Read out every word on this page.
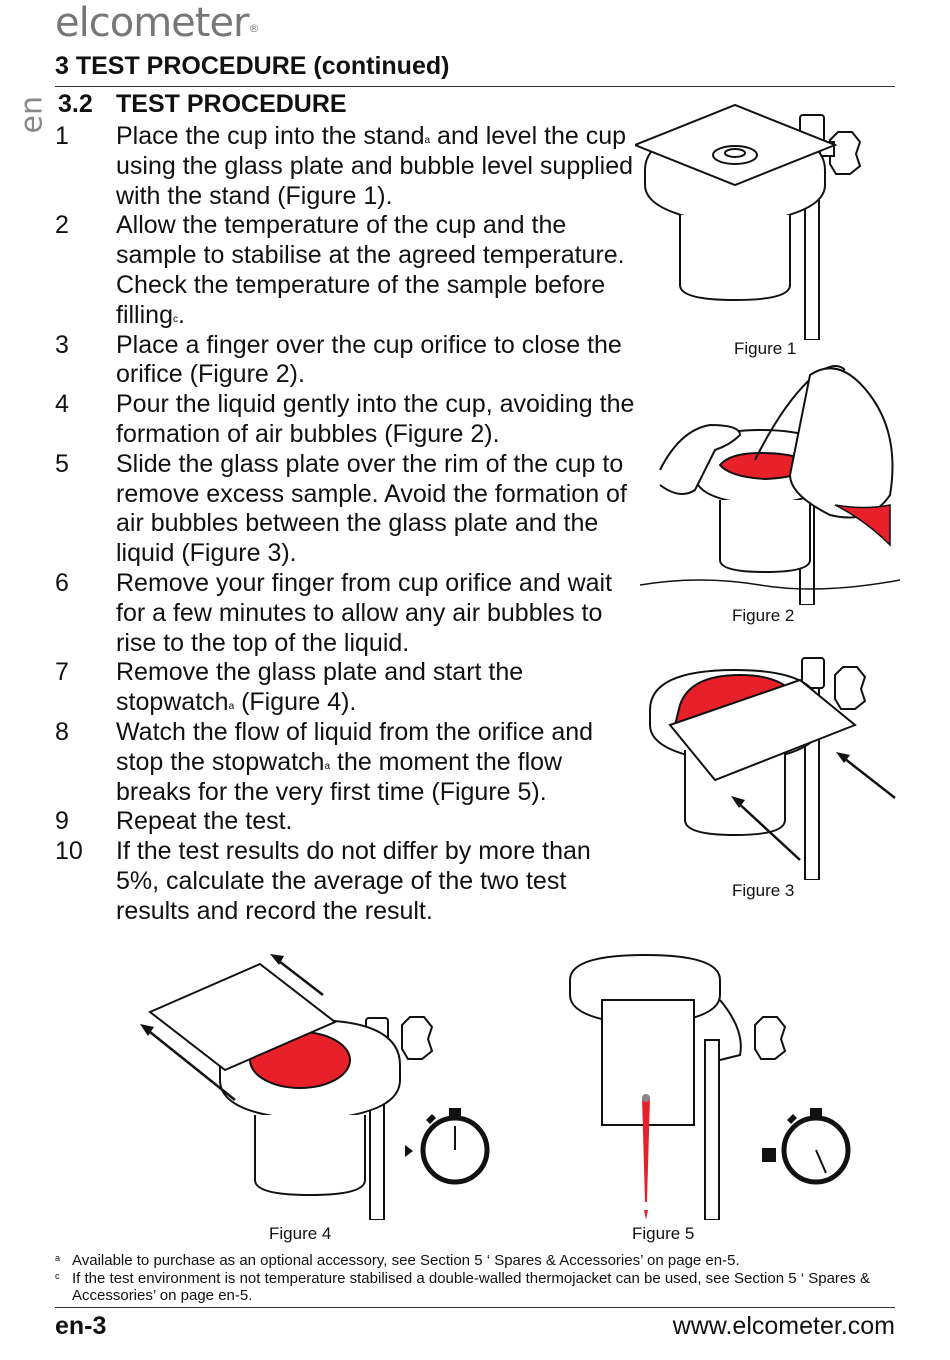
elcometer®
3 TEST PROCEDURE (continued)
en 3.2 TEST PROCEDURE
1	Place the cup into the stand$^a$ and level the cup using the glass plate and bubble level supplied with the stand (Figure 1).
2	Allow the temperature of the cup and the sample to stabilise at the agreed temperature. Check the temperature of the sample before filling$^c$.
3	Place a finger over the cup orifice to close the orifice (Figure 2).
4	Pour the liquid gently into the cup, avoiding the formation of air bubbles (Figure 2).
5	Slide the glass plate over the rim of the cup to remove excess sample. Avoid the formation of air bubbles between the glass plate and the liquid (Figure 3).
6	Remove your finger from cup orifice and wait for a few minutes to allow any air bubbles to rise to the top of the liquid.
7	Remove the glass plate and start the stopwatch$^a$ (Figure 4).
8	Watch the flow of liquid from the orifice and stop the stopwatch$^a$ the moment the flow breaks for the very first time (Figure 5).
9	Repeat the test.
10	If the test results do not differ by more than 5%, calculate the average of the two test results and record the result.
Figure 1
Figure 2
Figure 3
Figure 4	Figure 5
a Available to purchase as an optional accessory, see Section 5 ‘ Spares & Accessories’ on page en-5.
c If the test environment is not temperature stabilised a double-walled thermojacket can be used, see Section 5 ‘ Spares & Accessories’ on page en-5.
en-3	www.elcometer.com
